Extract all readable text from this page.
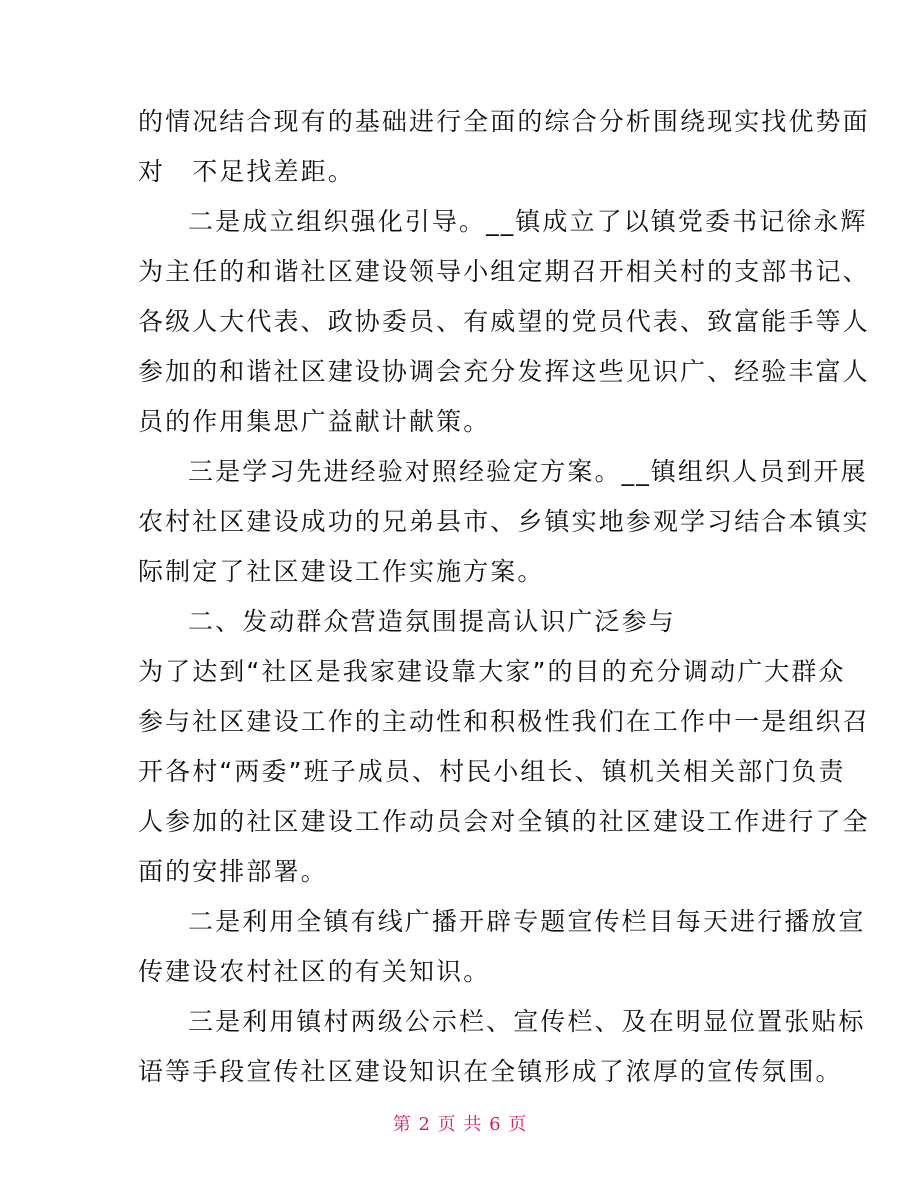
的情况结合现有的基础进行全面的综合分析围绕现实找优势面
对　不足找差距。
二是成立组织强化引导。__镇成立了以镇党委书记徐永辉
为主任的和谐社区建设领导小组定期召开相关村的支部书记、
各级人大代表、政协委员、有威望的党员代表、致富能手等人
参加的和谐社区建设协调会充分发挥这些见识广、经验丰富人
员的作用集思广益献计献策。
三是学习先进经验对照经验定方案。__镇组织人员到开展
农村社区建设成功的兄弟县市、乡镇实地参观学习结合本镇实
际制定了社区建设工作实施方案。
二、发动群众营造氛围提高认识广泛参与
为了达到“社区是我家建设靠大家”的目的充分调动广大群众
参与社区建设工作的主动性和积极性我们在工作中一是组织召
开各村“两委”班子成员、村民小组长、镇机关相关部门负责
人参加的社区建设工作动员会对全镇的社区建设工作进行了全
面的安排部署。
二是利用全镇有线广播开辟专题宣传栏目每天进行播放宣
传建设农村社区的有关知识。
三是利用镇村两级公示栏、宣传栏、及在明显位置张贴标
语等手段宣传社区建设知识在全镇形成了浓厚的宣传氛围。
第 2 页 共 6 页
